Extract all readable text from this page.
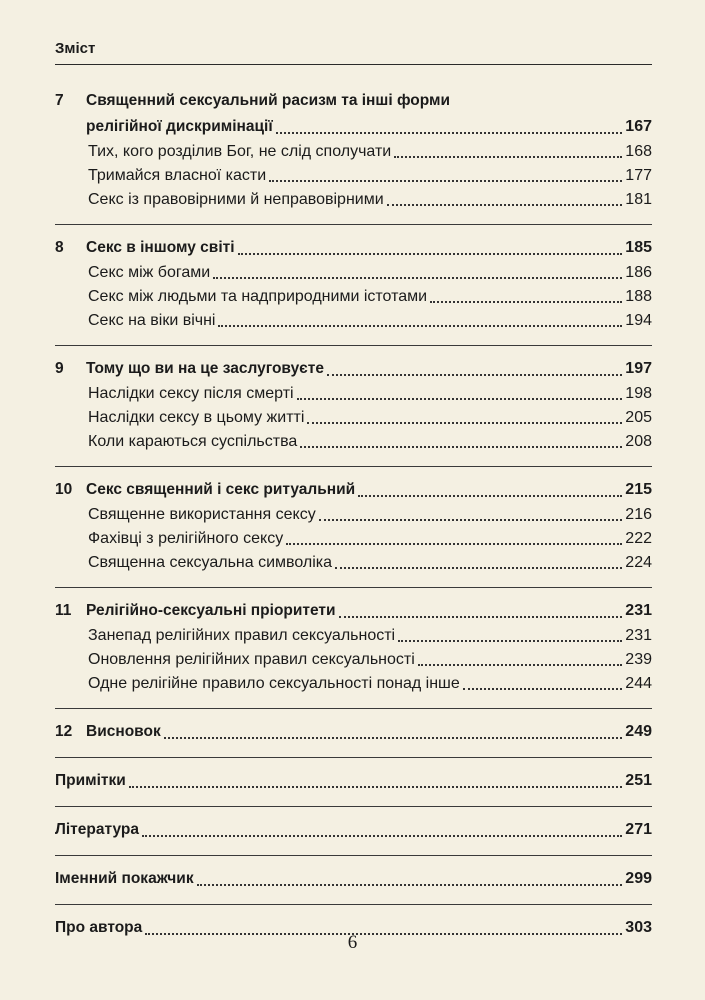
Зміст
7	Священний сексуальний расизм та інші форми
релігійної дискримінації	167
Тих, кого розділив Бог, не слід сполучати	168
Тримайся власної касти	177
Секс із правовірними й неправовірними	181
8	Секс в іншому світі	185
Секс між богами	186
Секс між людьми та надприродними істотами	188
Секс на віки вічні	194
9	Тому що ви на це заслуговуєте	197
Наслідки сексу після смерті	198
Наслідки сексу в цьому житті	205
Коли караються суспільства	208
10 Секс священний і секс ритуальний	215
Священне використання сексу	216
Фахівці з релігійного сексу	222
Священна сексуальна символіка	224
11 Релігійно-сексуальні пріоритети	231
Занепад релігійних правил сексуальності	231
Оновлення релігійних правил сексуальності	239
Одне релігійне правило сексуальності понад інше	244
12 Висновок	249
Примітки	251
Література	271
Іменний покажчик	299
Про автора	303
6
